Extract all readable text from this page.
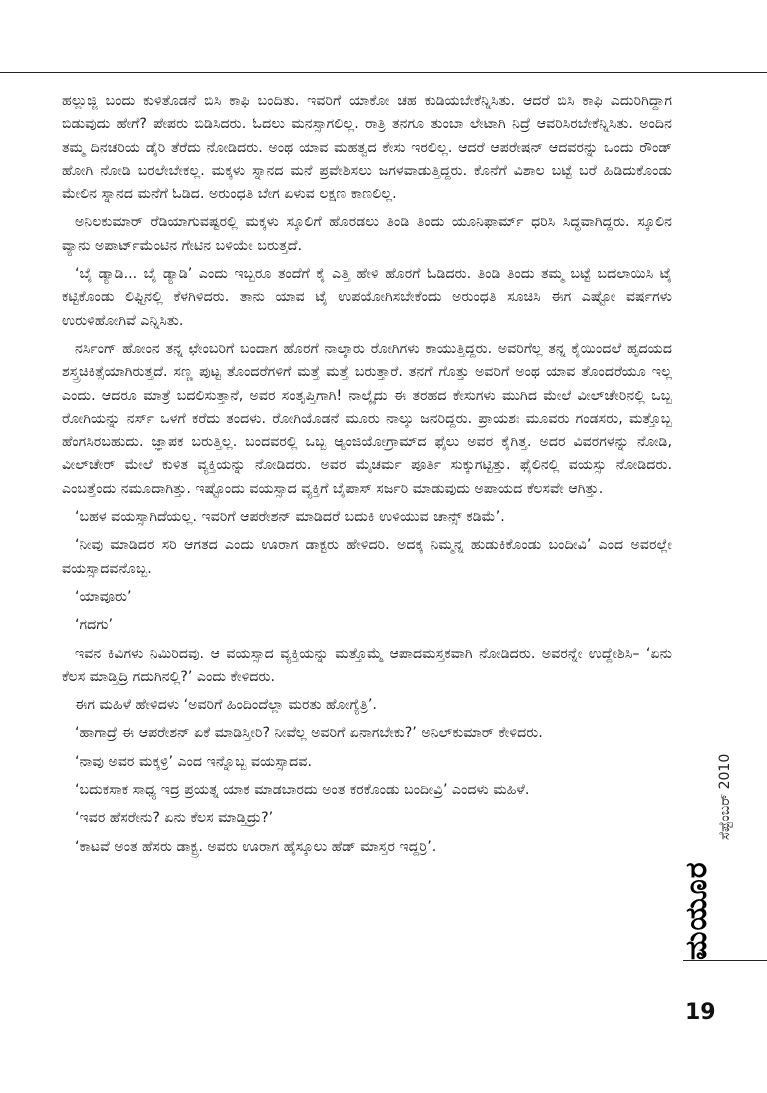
ಹಲ್ಲುಜ್ಜಿ ಬಂದು ಕುಳಿತೊಡನೆ ಬಿಸಿ ಕಾಫಿ ಬಂದಿತು. ಇವರಿಗೆ ಯಾಕೋ ಚಹ ಕುಡಿಯಬೇಕೆನ್ನಿಸಿತು. ಆದರೆ ಬಿಸಿ ಕಾಫಿ ಎದುರಿಗಿದ್ದಾಗ ಬಿಡುವುದು ಹೇಗೆ? ಪೇಪರು ಬಿಡಿಸಿದರು. ಓದಲು ಮನಸ್ಸಾಗಲಿಲ್ಲ. ರಾತ್ರಿ ತನಗೂ ತುಂಬಾ ಲೇಟಾಗಿ ನಿದ್ರೆ ಆವರಿಸಿರಬೇಕೆನ್ನಿಸಿತು. ಅಂದಿನ ತಮ್ಮ ದಿನಚರಿಯ ಡೈರಿ ತೆರೆದು ನೋಡಿದರು. ಅಂಥ ಯಾವ ಮಹತ್ವದ ಕೇಸು ಇರಲಿಲ್ಲ. ಆದರೆ ಆಪರೇಷನ್ ಆದವರನ್ನು ಒಂದು ರೌಂಡ್ ಹೋಗಿ ನೋಡಿ ಬರಲೇಬೇಕಲ್ಲ. ಮಕ್ಕಳು ಸ್ನಾನದ ಮನೆ ಪ್ರವೇಶಿಸಲು ಜಗಳವಾಡುತ್ತಿದ್ದರು. ಕೊನೆಗೆ ವಿಶಾಲ ಬಟ್ಟೆ ಬರೆ ಹಿಡಿದುಕೊಂಡು ಮೇಲಿನ ಸ್ನಾನದ ಮನೆಗೆ ಓಡಿದ. ಅರುಂಧತಿ ಬೇಗ ಏಳುವ ಲಕ್ಷಣ ಕಾಣಲಿಲ್ಲ.

ಅನಿಲಕುಮಾರ್ ರೆಡಿಯಾಗುವಷ್ಟರಲ್ಲಿ ಮಕ್ಕಳು ಸ್ಕೂಲಿಗೆ ಹೊರಡಲು ತಿಂಡಿ ತಿಂದು ಯೂನಿಫಾರ್ಮ್ ಧರಿಸಿ ಸಿದ್ಧವಾಗಿದ್ದರು. ಸ್ಕೂಲಿನ ವ್ಯಾನು ಅಪಾರ್ಟ್‌ಮೆಂಟಿನ ಗೇಟಿನ ಬಳಿಯೇ ಬರುತ್ತದೆ.

‘ಬೈ ಡ್ಯಾಡಿ... ಬೈ ಡ್ಯಾಡಿ’ ಎಂದು ಇಬ್ಬರೂ ತಂದೆಗೆ ಕೈ ಎತ್ತಿ ಹೇಳಿ ಹೊರಗೆ ಓಡಿದರು. ತಿಂಡಿ ತಿಂದು ತಮ್ಮ ಬಟ್ಟೆ ಬದಲಾಯಿಸಿ ಟೈ ಕಟ್ಟಿಕೊಂಡು ಲಿಫ್ಟಿನಲ್ಲಿ ಕೆಳಗಿಳಿದರು. ತಾನು ಯಾವ ಟೈ ಉಪಯೋಗಿಸಬೇಕೆಂದು ಅರುಂಧತಿ ಸೂಚಿಸಿ ಈಗ ಎಷ್ಟೋ ವರ್ಷಗಳು ಉರುಳಿಹೋಗಿವೆ ಎನ್ನಿಸಿತು.

ನರ್ಸಿಂಗ್ ಹೋಂನ ತನ್ನ ಛೇಂಬರಿಗೆ ಬಂದಾಗ ಹೊರಗೆ ನಾಲ್ಕಾರು ರೋಗಿಗಳು ಕಾಯುತ್ತಿದ್ದರು. ಅವರಿಗೆಲ್ಲ ತನ್ನ ಕೈಯಿಂದಲೆ ಹೃದಯದ ಶಸ್ತ್ರಚಿಕಿತ್ಸೆಯಾಗಿರುತ್ತದೆ. ಸಣ್ಣ ಪುಟ್ಟ ತೊಂದರೆಗಳಿಗೆ ಮತ್ತೆ ಮತ್ತೆ ಬರುತ್ತಾರೆ. ತನಗೆ ಗೊತ್ತು ಅವರಿಗೆ ಅಂಥ ಯಾವ ತೊಂದರೆಯೂ ಇಲ್ಲ ಎಂದು. ಆದರೂ ಮಾತ್ರೆ ಬದಲಿಸುತ್ತಾನೆ, ಅವರ ಸಂತೃಪ್ತಿಗಾಗಿ! ನಾಲ್ಕೈದು ಈ ತರಹದ ಕೇಸುಗಳು ಮುಗಿದ ಮೇಲೆ ವೀಲ್‌ಚೇರಿನಲ್ಲಿ ಒಬ್ಬ ರೋಗಿಯನ್ನು ನರ್ಸ್ ಒಳಗೆ ಕರೆದು ತಂದಳು. ರೋಗಿಯೊಡನೆ ಮೂರು ನಾಲ್ಕು ಜನರಿದ್ದರು. ಪ್ರಾಯಶಃ ಮೂವರು ಗಂಡಸರು, ಮತ್ತೊಬ್ಬ ಹೆಂಗಸಿರಬಹುದು. ಜ್ಞಾಪಕ ಬರುತ್ತಿಲ್ಲ. ಬಂದವರಲ್ಲಿ ಒಬ್ಬ ಆ್ಯಂಜಿಯೋಗ್ರಾಮ್‌ದ ಫೈಲು ಅವರ ಕೈಗಿತ್ತ. ಅದರ ವಿವರಗಳನ್ನು ನೋಡಿ, ವೀಲ್‌ಚೇರ್ ಮೇಲೆ ಕುಳಿತ ವ್ಯಕ್ತಿಯನ್ನು ನೋಡಿದರು. ಅವರ ಮೈಚರ್ಮ ಪೂರ್ತಿ ಸುಕ್ಕುಗಟ್ಟಿತ್ತು. ಫೈಲಿನಲ್ಲಿ ವಯಸ್ಸು ನೋಡಿದರು. ಎಂಬತ್ತೆಂದು ನಮೂದಾಗಿತ್ತು. ಇಷ್ಟೊಂದು ವಯಸ್ಸಾದ ವ್ಯಕ್ತಿಗೆ ಬೈಪಾಸ್ ಸರ್ಜರಿ ಮಾಡುವುದು ಅಪಾಯದ ಕೆಲಸವೇ ಆಗಿತ್ತು.

‘ಬಹಳ ವಯಸ್ಸಾಗಿದೆಯಲ್ಲ. ಇವರಿಗೆ ಆಪರೇಶನ್ ಮಾಡಿದರೆ ಬದುಕಿ ಉಳಿಯುವ ಚಾನ್ಸ್ ಕಡಿಮೆ’.

‘ನೀವು ಮಾಡಿದರ ಸರಿ ಆಗತದ ಎಂದು ಊರಾಗ ಡಾಕ್ಟರು ಹೇಳಿದರಿ. ಅದಕ್ಕ ನಿಮ್ಮನ್ನ ಹುಡುಕಿಕೊಂಡು ಬಂದೀವಿ’ ಎಂದ ಅವರಲ್ಲೇ ವಯಸ್ಸಾದವನೊಬ್ಬ.

‘ಯಾವೂರು’

‘ಗದಗು’

ಇವನ ಕಿವಿಗಳು ನಿಮಿರಿದವು. ಆ ವಯಸ್ಸಾದ ವ್ಯಕ್ತಿಯನ್ನು ಮತ್ತೊಮ್ಮೆ ಆಪಾದಮಸ್ತಕವಾಗಿ ನೋಡಿದರು. ಅವರನ್ನೇ ಉದ್ದೇಶಿಸಿ– ‘ಏನು ಕೆಲಸ ಮಾಡ್ತಿದ್ರಿ ಗದುಗಿನಲ್ಲಿ?’ ಎಂದು ಕೇಳಿದರು.

ಈಗ ಮಹಿಳೆ ಹೇಳಿದಳು ‘ಅವರಿಗೆ ಹಿಂದಿಂದೆಲ್ಲಾ ಮರತು ಹೋಗ್ಯೆತ್ರಿ’.

‘ಹಾಗಾದ್ರೆ ಈ ಆಪರೇಶನ್ ಏಕೆ ಮಾಡಿಸ್ತೀರಿ? ನೀವೆಲ್ಲ ಅವರಿಗೆ ಏನಾಗಬೇಕು?’ ಅನಿಲ್‌ಕುಮಾರ್ ಕೇಳಿದರು.

‘ನಾವು ಅವರ ಮಕ್ಕಳ್ರಿ’ ಎಂದ ಇನ್ನೊಬ್ಬ ವಯಸ್ಸಾದವ.

‘ಬದುಕಸಾಕ ಸಾಧ್ಯ ಇದ್ರ ಪ್ರಯತ್ನ ಯಾಕ ಮಾಡಬಾರದು ಅಂತ ಕರಕೊಂಡು ಬಂದೀವ್ರಿ’ ಎಂದಳು ಮಹಿಳೆ.

‘ಇವರ ಹೆಸರೇನು? ಏನು ಕೆಲಸ ಮಾಡ್ತಿದ್ರು?’

‘ಕಾಟವೆ ಅಂತ ಹೆಸರು ಡಾಕ್ಟ್ರ. ಅವರು ಊರಾಗ ಹೈಸ್ಕೂಲು ಹೆಡ್ ಮಾಸ್ತರ ಇದ್ದರ್ರಿ’.

ಮಯೂರ
ಸೆಪ್ಟೆಂಬರ್ 2010
19
